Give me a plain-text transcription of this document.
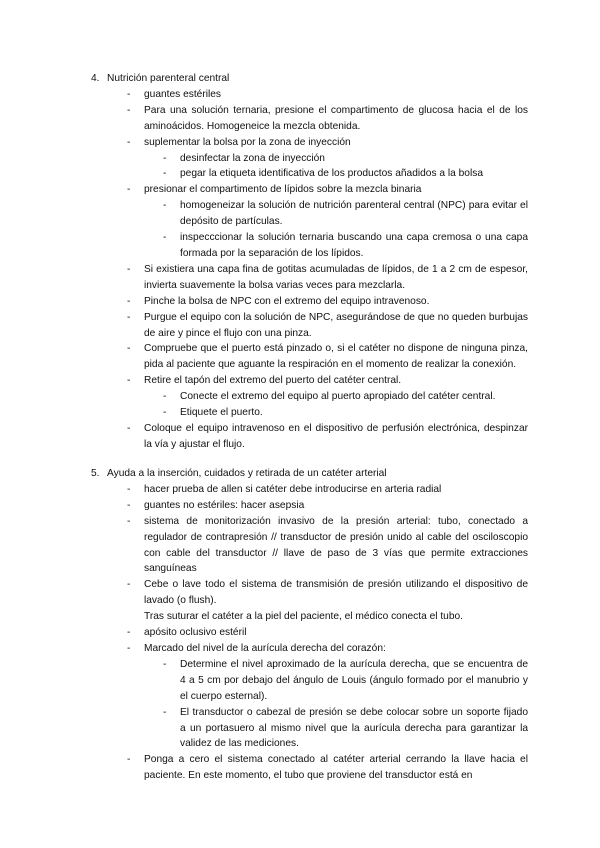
4. Nutrición parenteral central
- guantes estériles
- Para una solución ternaria, presione el compartimento de glucosa hacia el de los aminoácidos. Homogeneice la mezcla obtenida.
- suplementar la bolsa por la zona de inyección
- desinfectar la zona de inyección
- pegar la etiqueta identificativa de los productos añadidos a la bolsa
- presionar el compartimento de lípidos sobre la mezcla binaria
- homogeneizar la solución de nutrición parenteral central (NPC) para evitar el depósito de partículas.
- inspecccionar la solución ternaria buscando una capa cremosa o una capa formada por la separación de los lípidos.
- Si existiera una capa fina de gotitas acumuladas de lípidos, de 1 a 2 cm de espesor, invierta suavemente la bolsa varias veces para mezclarla.
- Pinche la bolsa de NPC con el extremo del equipo intravenoso.
- Purgue el equipo con la solución de NPC, asegurándose de que no queden burbujas de aire y pince el flujo con una pinza.
- Compruebe que el puerto está pinzado o, si el catéter no dispone de ninguna pinza, pida al paciente que aguante la respiración en el momento de realizar la conexión.
- Retire el tapón del extremo del puerto del catéter central.
- Conecte el extremo del equipo al puerto apropiado del catéter central.
- Etiquete el puerto.
- Coloque el equipo intravenoso en el dispositivo de perfusión electrónica, despinzar la vía y ajustar el flujo.
5. Ayuda a la inserción, cuidados y retirada de un catéter arterial
- hacer prueba de allen si catéter debe introducirse en arteria radial
- guantes no estériles: hacer asepsia
- sistema de monitorización invasivo de la presión arterial: tubo, conectado a regulador de contrapresión // transductor de presión unido al cable del osciloscopio con cable del transductor // llave de paso de 3 vías que permite extracciones sanguíneas
- Cebe o lave todo el sistema de transmisión de presión utilizando el dispositivo de lavado (o flush).
Tras suturar el catéter a la piel del paciente, el médico conecta el tubo.
- apósito oclusivo estéril
- Marcado del nivel de la aurícula derecha del corazón:
- Determine el nivel aproximado de la aurícula derecha, que se encuentra de 4 a 5 cm por debajo del ángulo de Louis (ángulo formado por el manubrio y el cuerpo esternal).
- El transductor o cabezal de presión se debe colocar sobre un soporte fijado a un portasuero al mismo nivel que la aurícula derecha para garantizar la validez de las mediciones.
- Ponga a cero el sistema conectado al catéter arterial cerrando la llave hacia el paciente. En este momento, el tubo que proviene del transductor está en
